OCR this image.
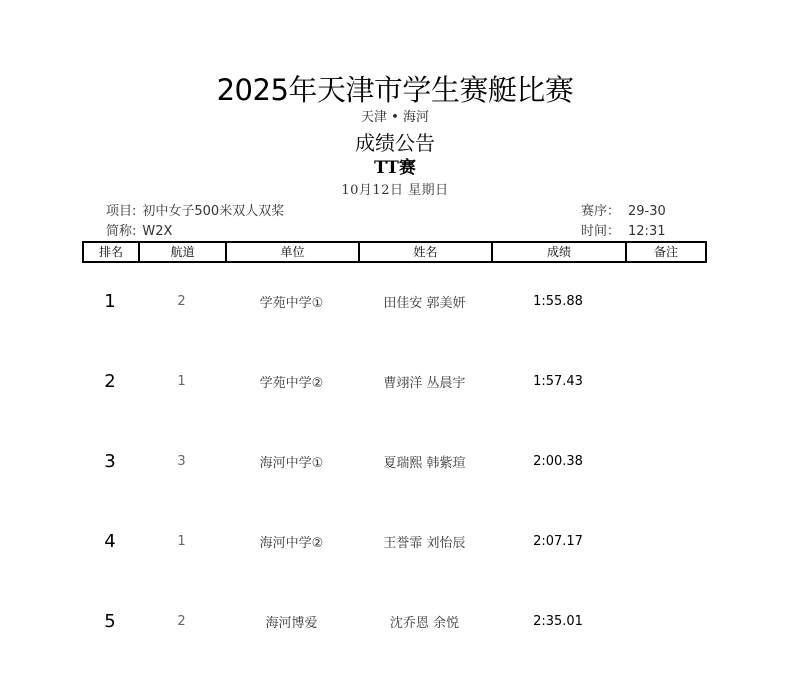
2025年天津市学生赛艇比赛
天津 • 海河
成绩公告
TT赛
10月12日 星期日
项目: 初中女子500米双人双桨
简称: W2X
赛序： 29-30
时间： 12:31
排名	航道	单位	姓名	成绩	备注
1	2	学苑中学①	田佳安 郭美妍	1:55.88
2	1	学苑中学②	曹翊洋 丛晨宇	1:57.43
3	3	海河中学①	夏瑞熙 韩紫瑄	2:00.38
4	1	海河中学②	王誉霏 刘怡辰	2:07.17
5	2	海河博爱	沈乔恩 余悦	2:35.01
